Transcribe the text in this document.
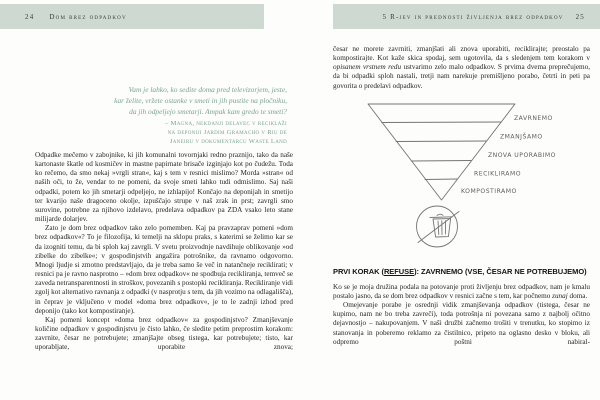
24 Dom brez odpadkov	5 R-jev in prednosti življenja brez odpadkov 25
Vam je lahko, ko sedite doma pred televizorjem, jeste,
kar želite, vržete ostanke v smeti in jih pustite na pločniku,
da jih odpeljejo smetarji. Ampak kam gredo te smeti?
– Magna, nekdanji delavec v reciklaži
na deponiji Jardim Gramacho v Riu de
Janeiru v dokumentarcu Waste Land

Odpadke mečemo v zabojnike, ki jih komunalni tovornjaki redno praznijo, tako da naše kartonaste škatle od kosmičev in mastne papirnate brisače izginjajo kot po čudežu. Toda ko rečemo, da smo nekaj »vrgli stran«, kaj s tem v resnici mislimo? Morda »stran« od naših oči, to že, vendar to ne pomeni, da svoje smeti lahko tudi odmislimo. Saj naši odpadki, potem ko jih smetarji odpeljejo, ne izhlapijo! Končajo na deponijah in smetijo ter kvarijo naše dragoceno okolje, izpuščajo strupe v naš zrak in prst; zavrgli smo surovine, potrebne za njihovo izdelavo, predelava odpadkov pa ZDA vsako leto stane milijarde dolarjev.

Zato je dom brez odpadkov tako zelo pomemben. Kaj pa pravzaprav pomeni »dom brez odpadkov«? To je filozofija, ki temelji na sklopu praks, s katerimi se želimo kar se da izogniti temu, da bi sploh kaj zavrgli. V svetu proizvodnje navdihuje oblikovanje »od zibelke do zibelke«; v gospodinjstvih angažira potrošnike, da ravnamo odgovorno. Mnogi ljudje si zmotno predstavljajo, da je treba samo še več in natančneje reciklirati; v resnici pa je ravno nasprotno – »dom brez odpadkov« ne spodbuja recikliranja, temveč se zaveda netransparentnosti in stroškov, povezanih s postopki recikliranja. Recikliranje vidi zgolj kot alternativo ravnanja z odpadki (v nasprotju s tem, da jih vozimo na odlagališča), in čeprav je vključeno v model »doma brez odpadkov«, je to le zadnji izhod pred deponijo (tako kot kompostiranje).

Kaj pomeni koncept »doma brez odpadkov« za gospodinjstvo? Zmanjševanje količine odpadkov v gospodinjstvu je čisto lahko, če sledite petim preprostim korakom: zavrnite, česar ne potrebujete; zmanjšajte obseg tistega, kar potrebujete; tisto, kar uporabljate, uporabite znova;

česar ne morete zavrniti, zmanjšati ali znova uporabiti, reciklirajte; preostalo pa kompostirajte. Kot kaže skica spodaj, sem ugotovila, da s sledenjem tem korakom v opisanem vrstnem redu ustvarimo zelo malo odpadkov. S prvima dvema preprečujemo, da bi odpadki sploh nastali, tretji nam narekuje premišljeno porabo, četrti in peti pa govorita o predelavi odpadkov.

ZAVRNEMO
ZMANJŠAMO
ZNOVA UPORABIMO
RECIKLIRAMO
KOMPOSTIRAMO
PRVI KORAK (REFUSE): ZAVRNEMO (VSE, ČESAR NE POTREBUJEMO)

Ko se je moja družina podala na potovanje proti življenju brez odpadkov, nam je kmalu postalo jasno, da se dom brez odpadkov v resnici začne s tem, kar počnemo zunaj doma.

Omejevanje porabe je osrednji vidik zmanjševanja odpadkov (tistega, česar ne kupimo, nam ne bo treba zavreči), toda potrošnja ni povezana samo z najbolj očitno dejavnostjo – nakupovanjem. V naši družbi začnemo trošiti v trenutku, ko stopimo iz stanovanja in poberemo reklamo za čistilnico, pripeto na oglasno desko v bloku, ali odpremo poštni nabiral-
